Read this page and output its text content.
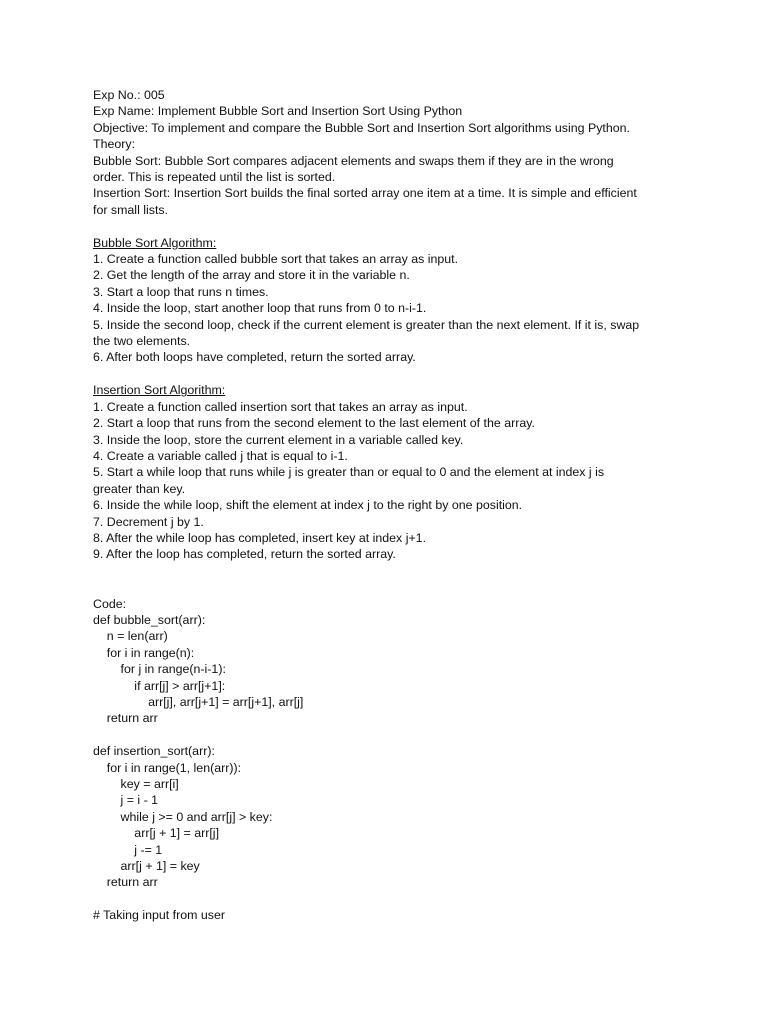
Exp No.: 005
Exp Name: Implement Bubble Sort and Insertion Sort Using Python
Objective: To implement and compare the Bubble Sort and Insertion Sort algorithms using Python.
Theory:
Bubble Sort: Bubble Sort compares adjacent elements and swaps them if they are in the wrong
order. This is repeated until the list is sorted.
Insertion Sort: Insertion Sort builds the final sorted array one item at a time. It is simple and efficient
for small lists.
Bubble Sort Algorithm:
1. Create a function called bubble sort that takes an array as input.
2. Get the length of the array and store it in the variable n.
3. Start a loop that runs n times.
4. Inside the loop, start another loop that runs from 0 to n-i-1.
5. Inside the second loop, check if the current element is greater than the next element. If it is, swap
the two elements.
6. After both loops have completed, return the sorted array.
Insertion Sort Algorithm:
1. Create a function called insertion sort that takes an array as input.
2. Start a loop that runs from the second element to the last element of the array.
3. Inside the loop, store the current element in a variable called key.
4. Create a variable called j that is equal to i-1.
5. Start a while loop that runs while j is greater than or equal to 0 and the element at index j is
greater than key.
6. Inside the while loop, shift the element at index j to the right by one position.
7. Decrement j by 1.
8. After the while loop has completed, insert key at index j+1.
9. After the loop has completed, return the sorted array.
Code:
def bubble_sort(arr):
n = len(arr)
for i in range(n):
for j in range(n-i-1):
if arr[j] > arr[j+1]:
arr[j], arr[j+1] = arr[j+1], arr[j]
return arr
def insertion_sort(arr):
for i in range(1, len(arr)):
key = arr[i]
j = i - 1
while j >= 0 and arr[j] > key:
arr[j + 1] = arr[j]
j -= 1
arr[j + 1] = key
return arr
# Taking input from user
